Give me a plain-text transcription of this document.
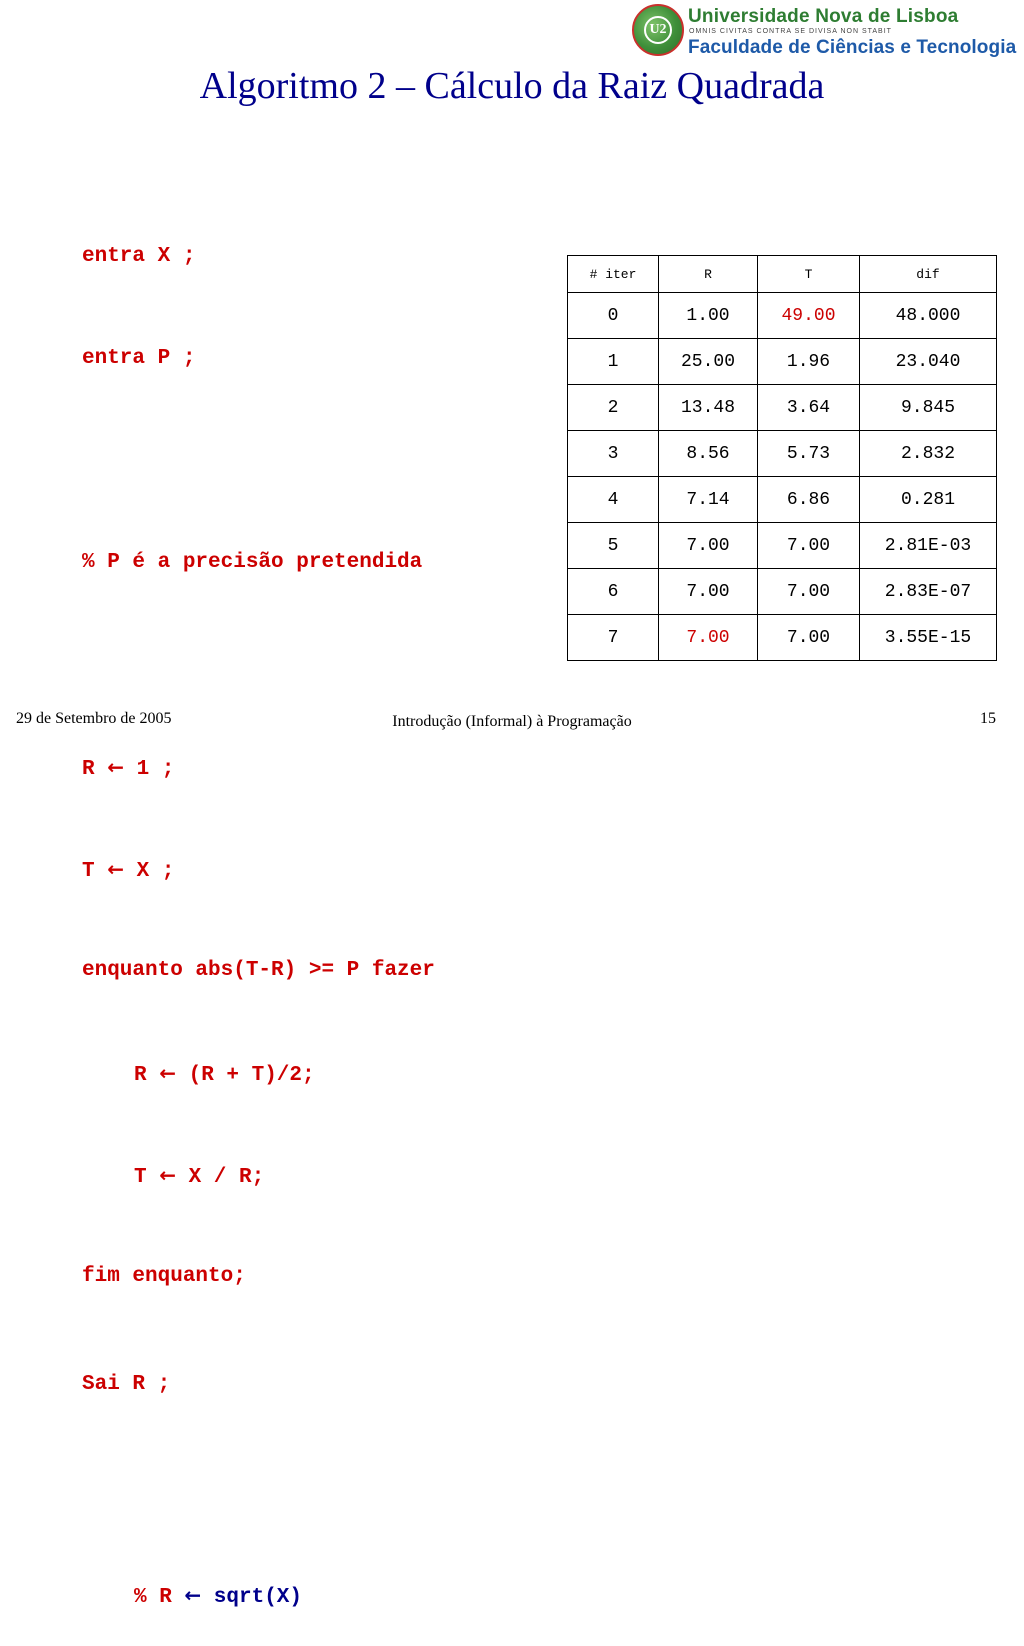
U2
Universidade Nova de Lisboa
OMNIS CIVITAS CONTRA SE DIVISA NON STABIT
Faculdade de Ciências e Tecnologia
Algoritmo 2 – Cálculo da Raiz Quadrada

entra X ;

entra P ;

% P é a precisão pretendida

R ← 1 ;

T ← X ;

enquanto abs(T-R) >= P fazer

R ← (R + T)/2;

T ← X / R;

fim enquanto;

Sai R ;

% R ← sqrt(X)

# iter	R	T	dif
0	1.00	49.00	48.000
1	25.00	1.96	23.040
2	13.48	3.64	9.845
3	8.56	5.73	2.832
4	7.14	6.86	0.281
5	7.00	7.00	2.81E-03
6	7.00	7.00	2.83E-07
7	7.00	7.00	3.55E-15
29 de Setembro de 2005	Introdução (Informal) à Programação	15
